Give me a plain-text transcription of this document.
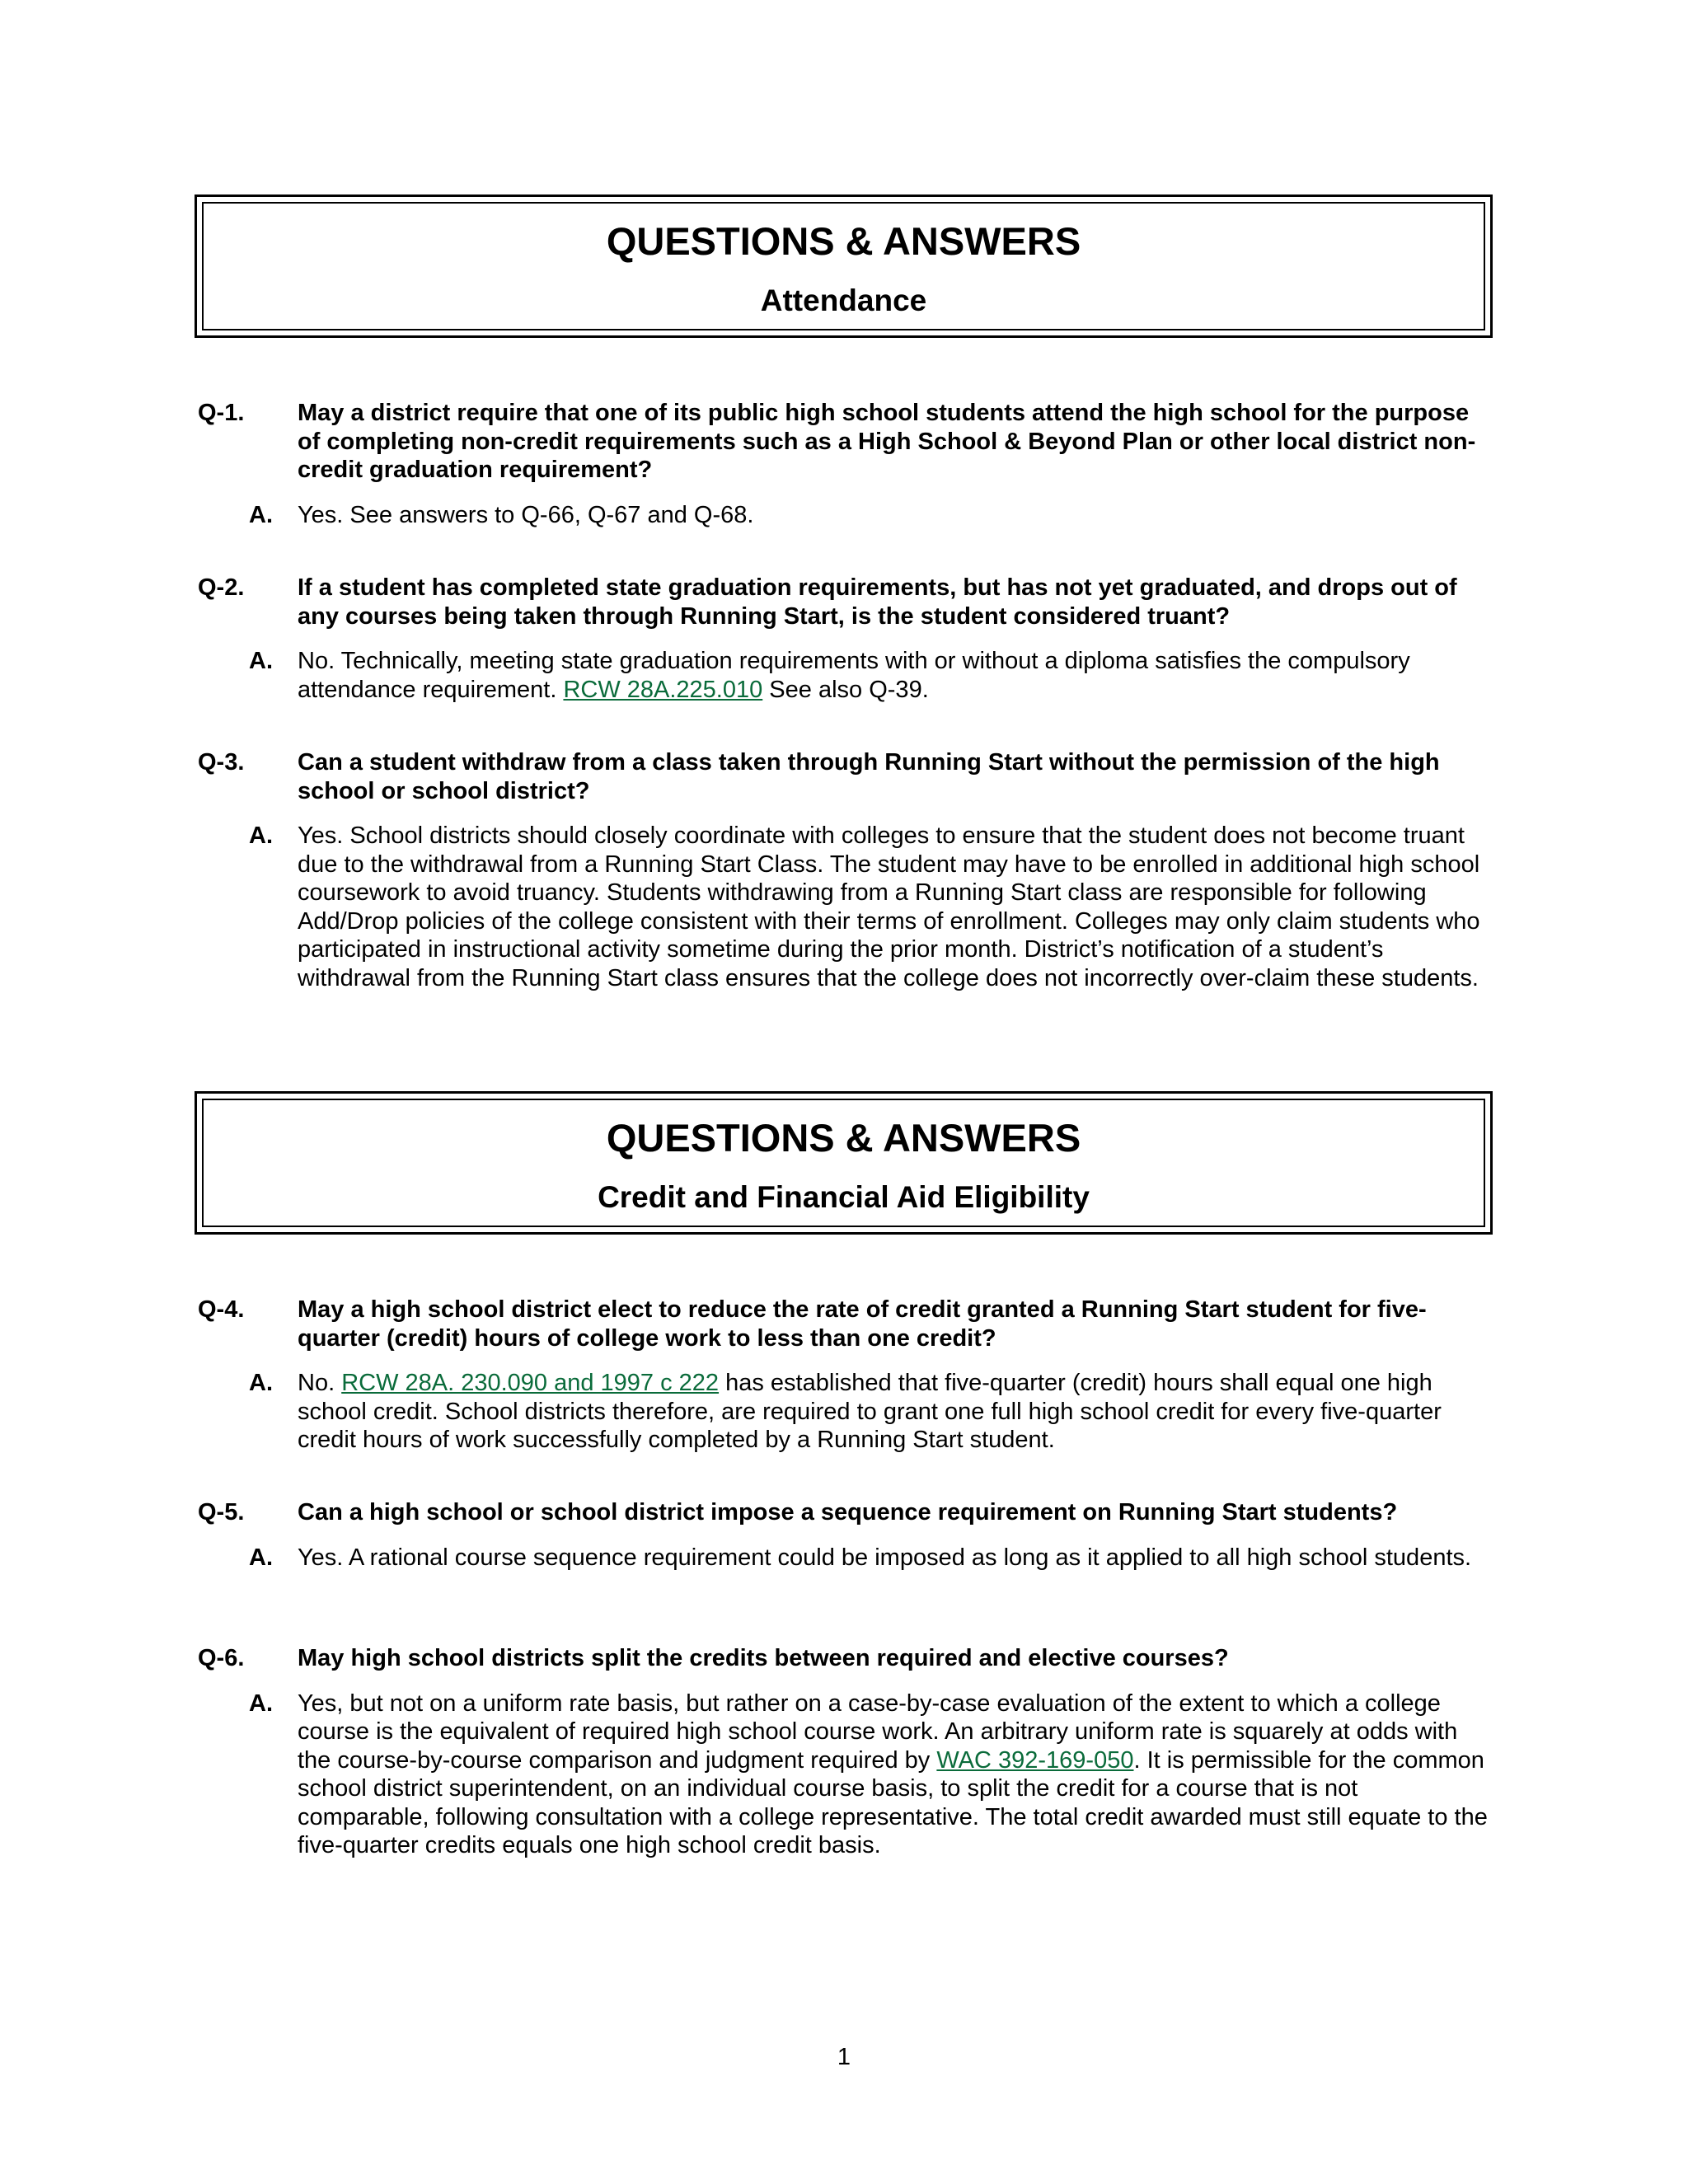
QUESTIONS & ANSWERS
Attendance
Q-1. May a district require that one of its public high school students attend the high school for the purpose of completing non-credit requirements such as a High School & Beyond Plan or other local district non-credit graduation requirement?
A. Yes. See answers to Q-66, Q-67 and Q-68.
Q-2. If a student has completed state graduation requirements, but has not yet graduated, and drops out of any courses being taken through Running Start, is the student considered truant?
A. No. Technically, meeting state graduation requirements with or without a diploma satisfies the compulsory attendance requirement. RCW 28A.225.010 See also Q-39.
Q-3. Can a student withdraw from a class taken through Running Start without the permission of the high school or school district?
A. Yes. School districts should closely coordinate with colleges to ensure that the student does not become truant due to the withdrawal from a Running Start Class. The student may have to be enrolled in additional high school coursework to avoid truancy. Students withdrawing from a Running Start class are responsible for following Add/Drop policies of the college consistent with their terms of enrollment. Colleges may only claim students who participated in instructional activity sometime during the prior month. District’s notification of a student’s withdrawal from the Running Start class ensures that the college does not incorrectly over-claim these students.
QUESTIONS & ANSWERS
Credit and Financial Aid Eligibility
Q-4. May a high school district elect to reduce the rate of credit granted a Running Start student for five-quarter (credit) hours of college work to less than one credit?
A. No. RCW 28A. 230.090 and 1997 c 222 has established that five-quarter (credit) hours shall equal one high school credit. School districts therefore, are required to grant one full high school credit for every five-quarter credit hours of work successfully completed by a Running Start student.
Q-5. Can a high school or school district impose a sequence requirement on Running Start students?
A. Yes. A rational course sequence requirement could be imposed as long as it applied to all high school students.
Q-6. May high school districts split the credits between required and elective courses?
A. Yes, but not on a uniform rate basis, but rather on a case-by-case evaluation of the extent to which a college course is the equivalent of required high school course work. An arbitrary uniform rate is squarely at odds with the course-by-course comparison and judgment required by WAC 392-169-050. It is permissible for the common school district superintendent, on an individual course basis, to split the credit for a course that is not comparable, following consultation with a college representative. The total credit awarded must still equate to the five-quarter credits equals one high school credit basis.
1
